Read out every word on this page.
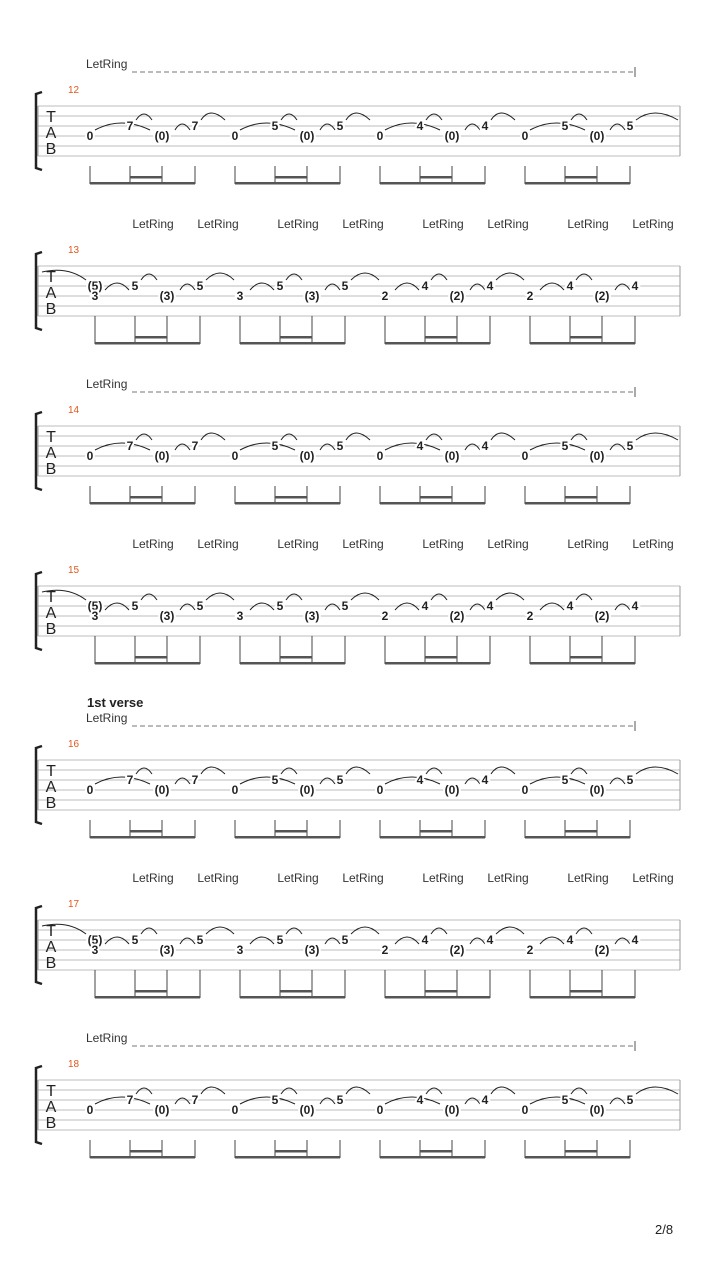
T
A
B
12
LetRing
0
7
(0)
7
0
5
(0)
5
0
4
(0)
4
0
5
(0)
5
T
A
B
13
LetRing LetRing	LetRing LetRing	LetRing LetRing	LetRing LetRing
(5)
3
5
(3)
5
3
5
(3)
5
2
4
(2)
4
2
4
(2)
4
T
A
B
14
LetRing
0
7
(0)
7
0
5
(0)
5
0
4
(0)
4
0
5
(0)
5
T
A
B
15
LetRing LetRing	LetRing LetRing	LetRing LetRing	LetRing LetRing
(5)
3
5
(3)
5
3
5
(3)
5
2
4
(2)
4
2
4
(2)
4
T
A
B
16
1st verse
LetRing
0
7
(0)
7
0
5
(0)
5
0
4
(0)
4
0
5
(0)
5
T
A
B
17
LetRing LetRing	LetRing LetRing	LetRing LetRing	LetRing LetRing
(5)
3
5
(3)
5
3
5
(3)
5
2
4
(2)
4
2
4
(2)
4
T
A
B
18
LetRing
0
7
(0)
7
0
5
(0)
5
0
4
(0)
4
0
5
(0)
5
2/8
